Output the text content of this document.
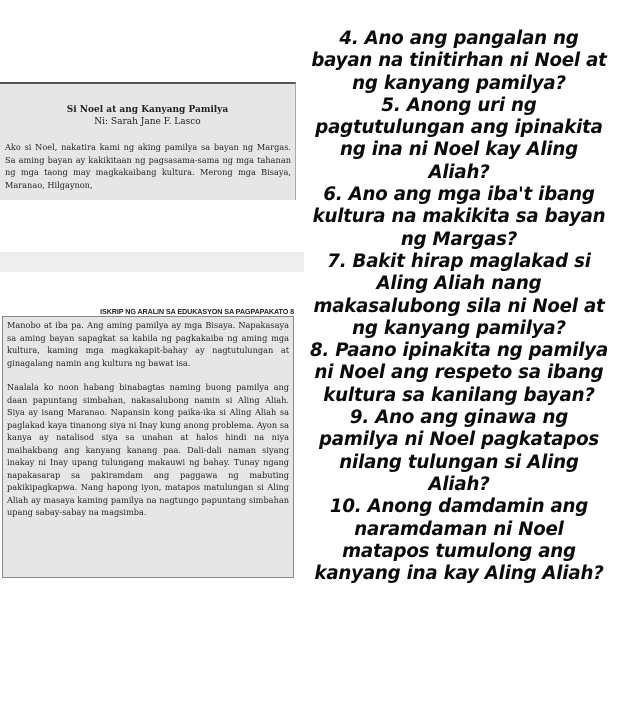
Si Noel at ang Kanyang Pamilya
Ni: Sarah Jane F. Lasco
Ako si Noel, nakatira kami ng aking pamilya sa bayan ng Margas. Sa aming bayan ay kakikitaan ng pagsasama-sama ng mga tahanan ng mga taong may magkakaibang kultura. Merong mga Bisaya, Maranao, Hilgaynon,
ISKRIP NG ARALIN SA EDUKASYON SA PAGPAPAKATO 8

Manobo at iba pa. Ang aming pamilya ay mga Bisaya. Napakasaya sa aming bayan sapagkat sa kabila ng pagkakaiba ng aming mga kultura, kaming mga magkakapit-bahay ay nagtutulungan at ginagalang namin ang kultura ng bawat isa.

Naalala ko noon habang binabagtas naming buong pamilya ang daan papuntang simbahan, nakasalubong namin si Aling Aliah. Siya ay isang Maranao. Napansin kong paika-ika si Aling Aliah sa paglakad kaya tinanong siya ni Inay kung anong problema. Ayon sa kanya ay natalisod siya sa unahan at halos hindi na niya maihakbang ang kanyang kanang paa. Dali-dali naman siyang inakay ni Inay upang tulungang makauwi ng bahay. Tunay ngang napakasarap sa pakiramdam ang paggawa ng mabuting pakikipagkapwa. Nang hapong iyon, matapos matulungan si Aling Aliah ay masaya kaming pamilya na nagtungo papuntang simbahan upang sabay-sabay na magsimba.

4. Ano ang pangalan ng bayan na tinitirhan ni Noel at ng kanyang pamilya?
5. Anong uri ng pagtutulungan ang ipinakita ng ina ni Noel kay Aling Aliah?
6. Ano ang mga iba't ibang kultura na makikita sa bayan ng Margas?
7. Bakit hirap maglakad si Aling Aliah nang makasalubong sila ni Noel at ng kanyang pamilya?
8. Paano ipinakita ng pamilya ni Noel ang respeto sa ibang kultura sa kanilang bayan?
9. Ano ang ginawa ng pamilya ni Noel pagkatapos nilang tulungan si Aling Aliah?
10. Anong damdamin ang naramdaman ni Noel matapos tumulong ang kanyang ina kay Aling Aliah?
